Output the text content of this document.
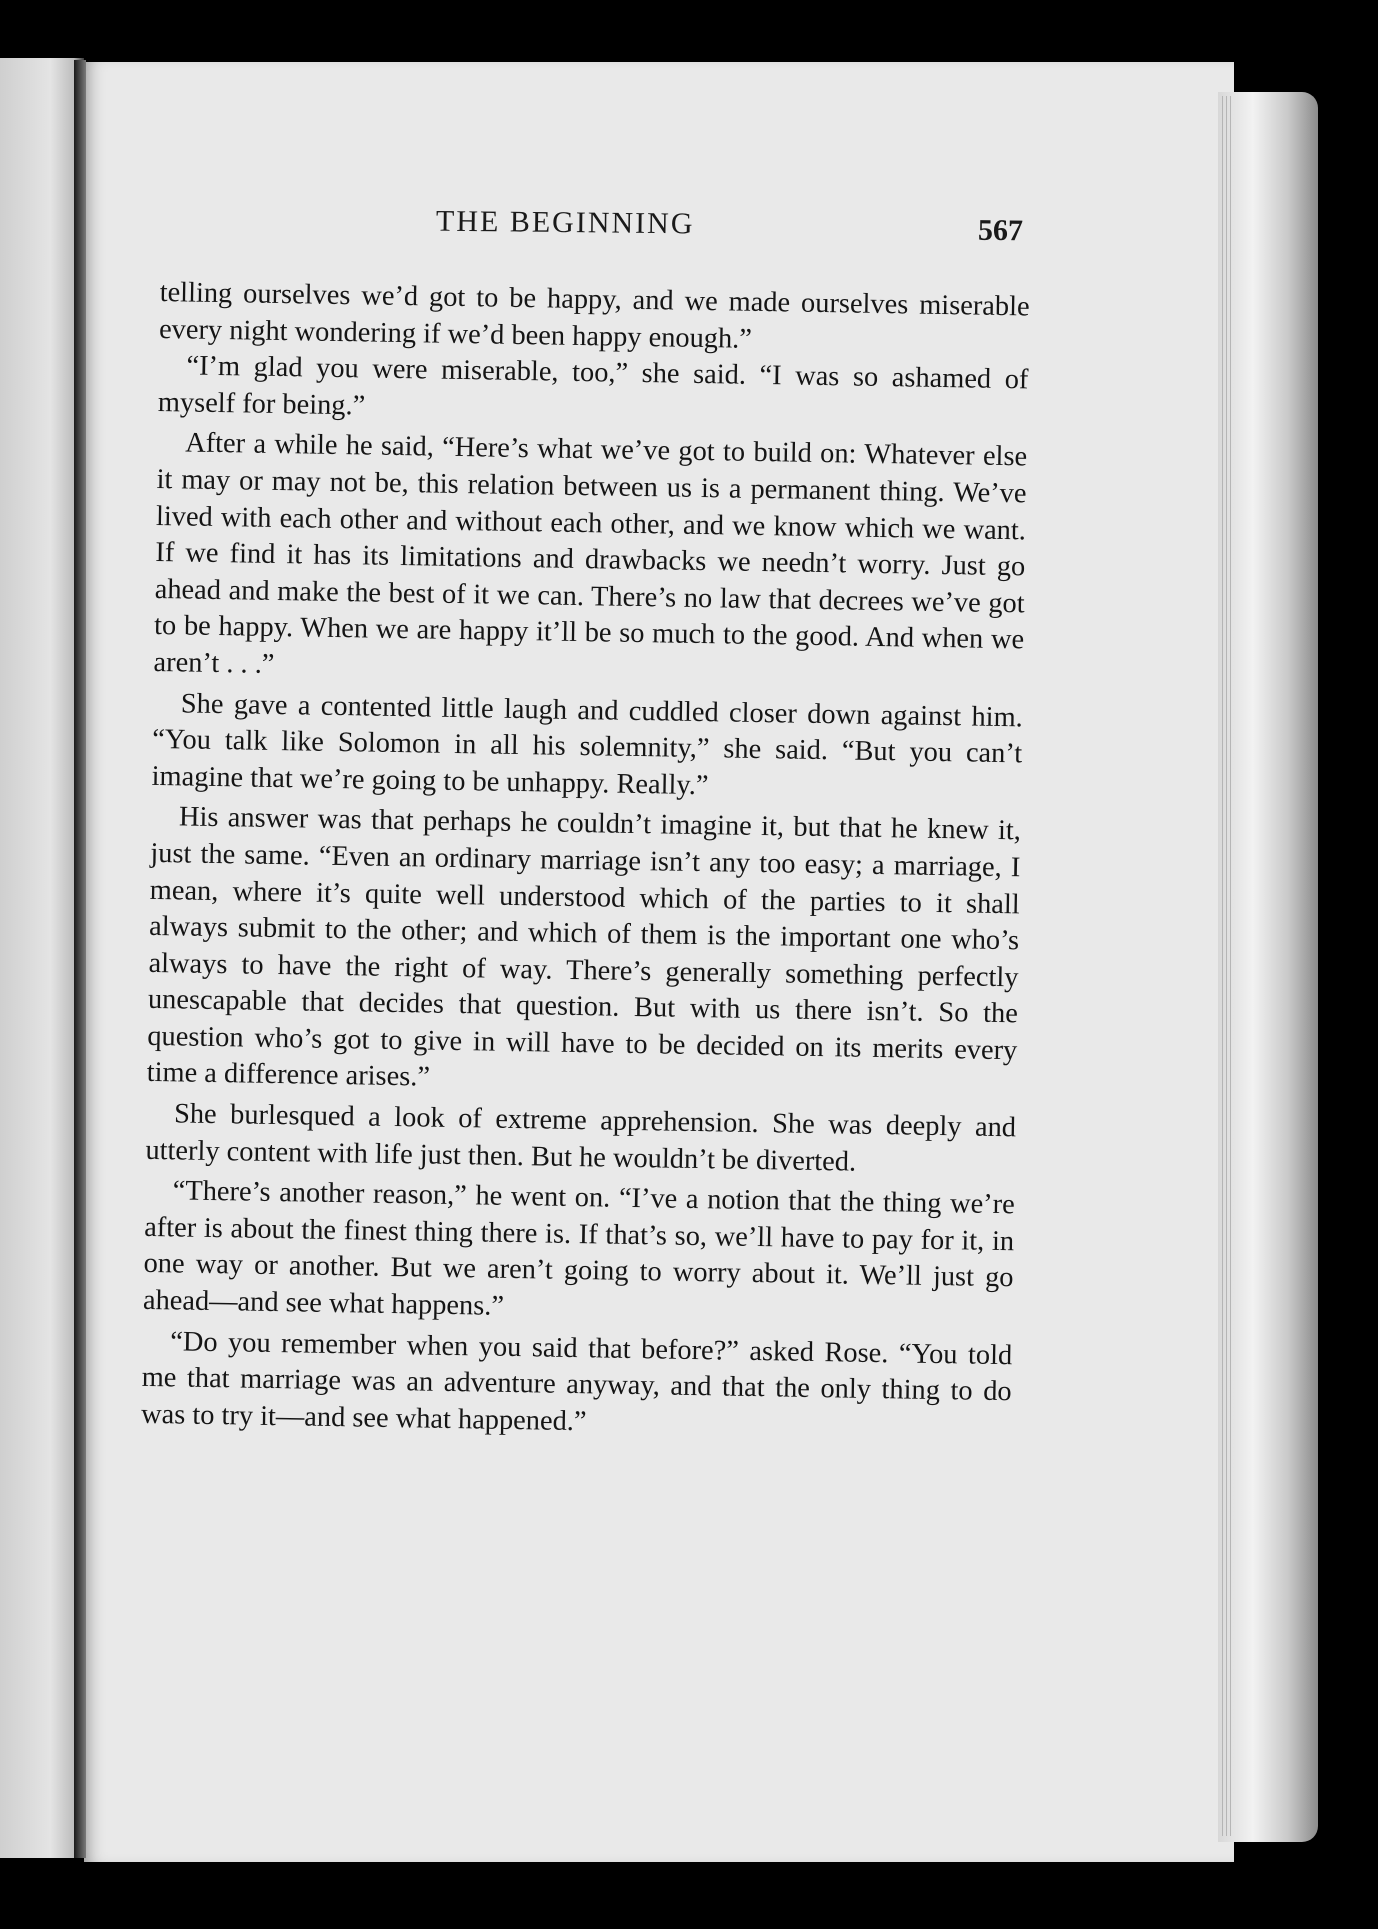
THE BEGINNING	567

telling ourselves we’d got to be happy, and we made ourselves miserable every night wondering if we’d been happy enough.”

“I’m glad you were miserable, too,” she said. “I was so ashamed of myself for being.”

After a while he said, “Here’s what we’ve got to build on: Whatever else it may or may not be, this relation between us is a permanent thing. We’ve lived with each other and without each other, and we know which we want. If we find it has its limitations and drawbacks we needn’t worry. Just go ahead and make the best of it we can. There’s no law that decrees we’ve got to be happy. When we are happy it’ll be so much to the good. And when we aren’t . . .”

She gave a contented little laugh and cuddled closer down against him. “You talk like Solomon in all his solemnity,” she said. “But you can’t imagine that we’re going to be unhappy. Really.”

His answer was that perhaps he couldn’t imagine it, but that he knew it, just the same. “Even an ordinary marriage isn’t any too easy; a marriage, I mean, where it’s quite well understood which of the parties to it shall always submit to the other; and which of them is the important one who’s always to have the right of way. There’s generally something perfectly unescapable that decides that question. But with us there isn’t. So the question who’s got to give in will have to be decided on its merits every time a difference arises.”

She burlesqued a look of extreme apprehension. She was deeply and utterly content with life just then. But he wouldn’t be diverted.

“There’s another reason,” he went on. “I’ve a notion that the thing we’re after is about the finest thing there is. If that’s so, we’ll have to pay for it, in one way or another. But we aren’t going to worry about it. We’ll just go ahead—and see what happens.”

“Do you remember when you said that before?” asked Rose. “You told me that marriage was an adventure anyway, and that the only thing to do was to try it—and see what happened.”
